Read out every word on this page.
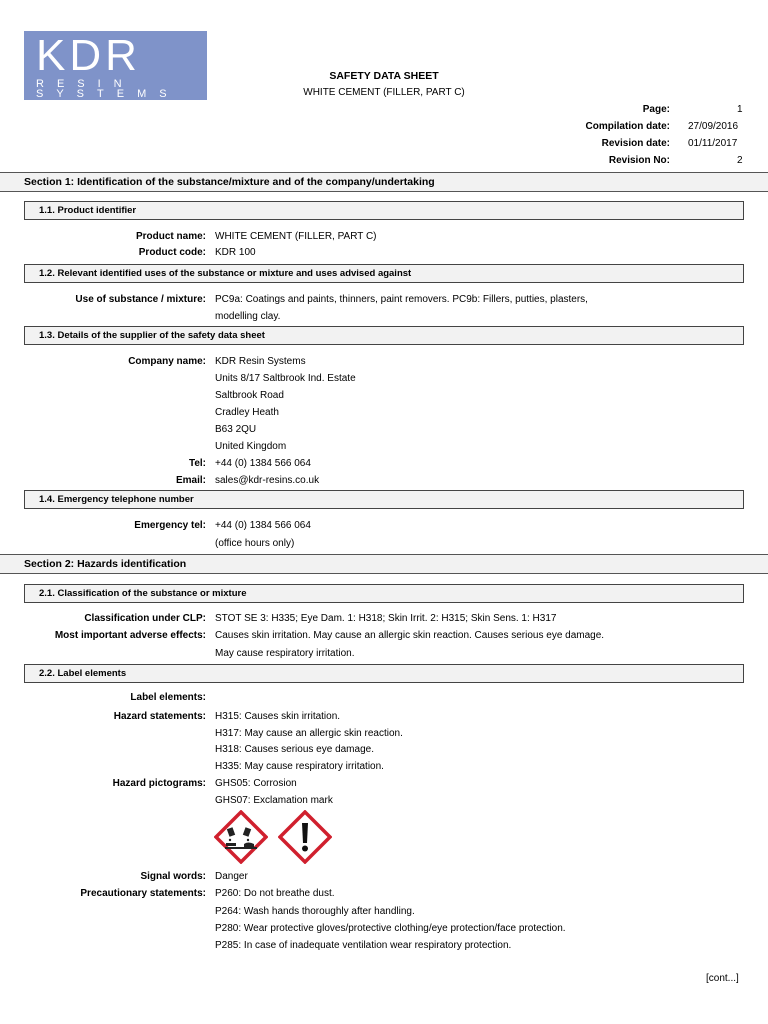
KDR
RESIN
SYSTEMS
SAFETY DATA SHEET
WHITE CEMENT (FILLER, PART C)
Page:	1
Compilation date: 27/09/2016
Revision date: 01/11/2017
Revision No:	2
Section 1: Identification of the substance/mixture and of the company/undertaking
1.1. Product identifier
Product name: WHITE CEMENT (FILLER, PART C)
Product code: KDR 100
1.2. Relevant identified uses of the substance or mixture and uses advised against
Use of substance / mixture: PC9a: Coatings and paints, thinners, paint removers. PC9b: Fillers, putties, plasters,
modelling clay.
1.3. Details of the supplier of the safety data sheet
Company name: KDR Resin Systems
Units 8/17 Saltbrook Ind. Estate
Saltbrook Road
Cradley Heath
B63 2QU
United Kingdom
Tel: +44 (0) 1384 566 064
Email: sales@kdr-resins.co.uk
1.4. Emergency telephone number
Emergency tel: +44 (0) 1384 566 064
(office hours only)
Section 2: Hazards identification
2.1. Classification of the substance or mixture
Classification under CLP: STOT SE 3: H335; Eye Dam. 1: H318; Skin Irrit. 2: H315; Skin Sens. 1: H317
Most important adverse effects: Causes skin irritation. May cause an allergic skin reaction. Causes serious eye damage.
May cause respiratory irritation.
2.2. Label elements
Label elements:
Hazard statements: H315: Causes skin irritation.
H317: May cause an allergic skin reaction.
H318: Causes serious eye damage.
H335: May cause respiratory irritation.
Hazard pictograms: GHS05: Corrosion
GHS07: Exclamation mark
Signal words: Danger
Precautionary statements: P260: Do not breathe dust.
P264: Wash hands thoroughly after handling.
P280: Wear protective gloves/protective clothing/eye protection/face protection.
P285: In case of inadequate ventilation wear respiratory protection.
[cont...]
